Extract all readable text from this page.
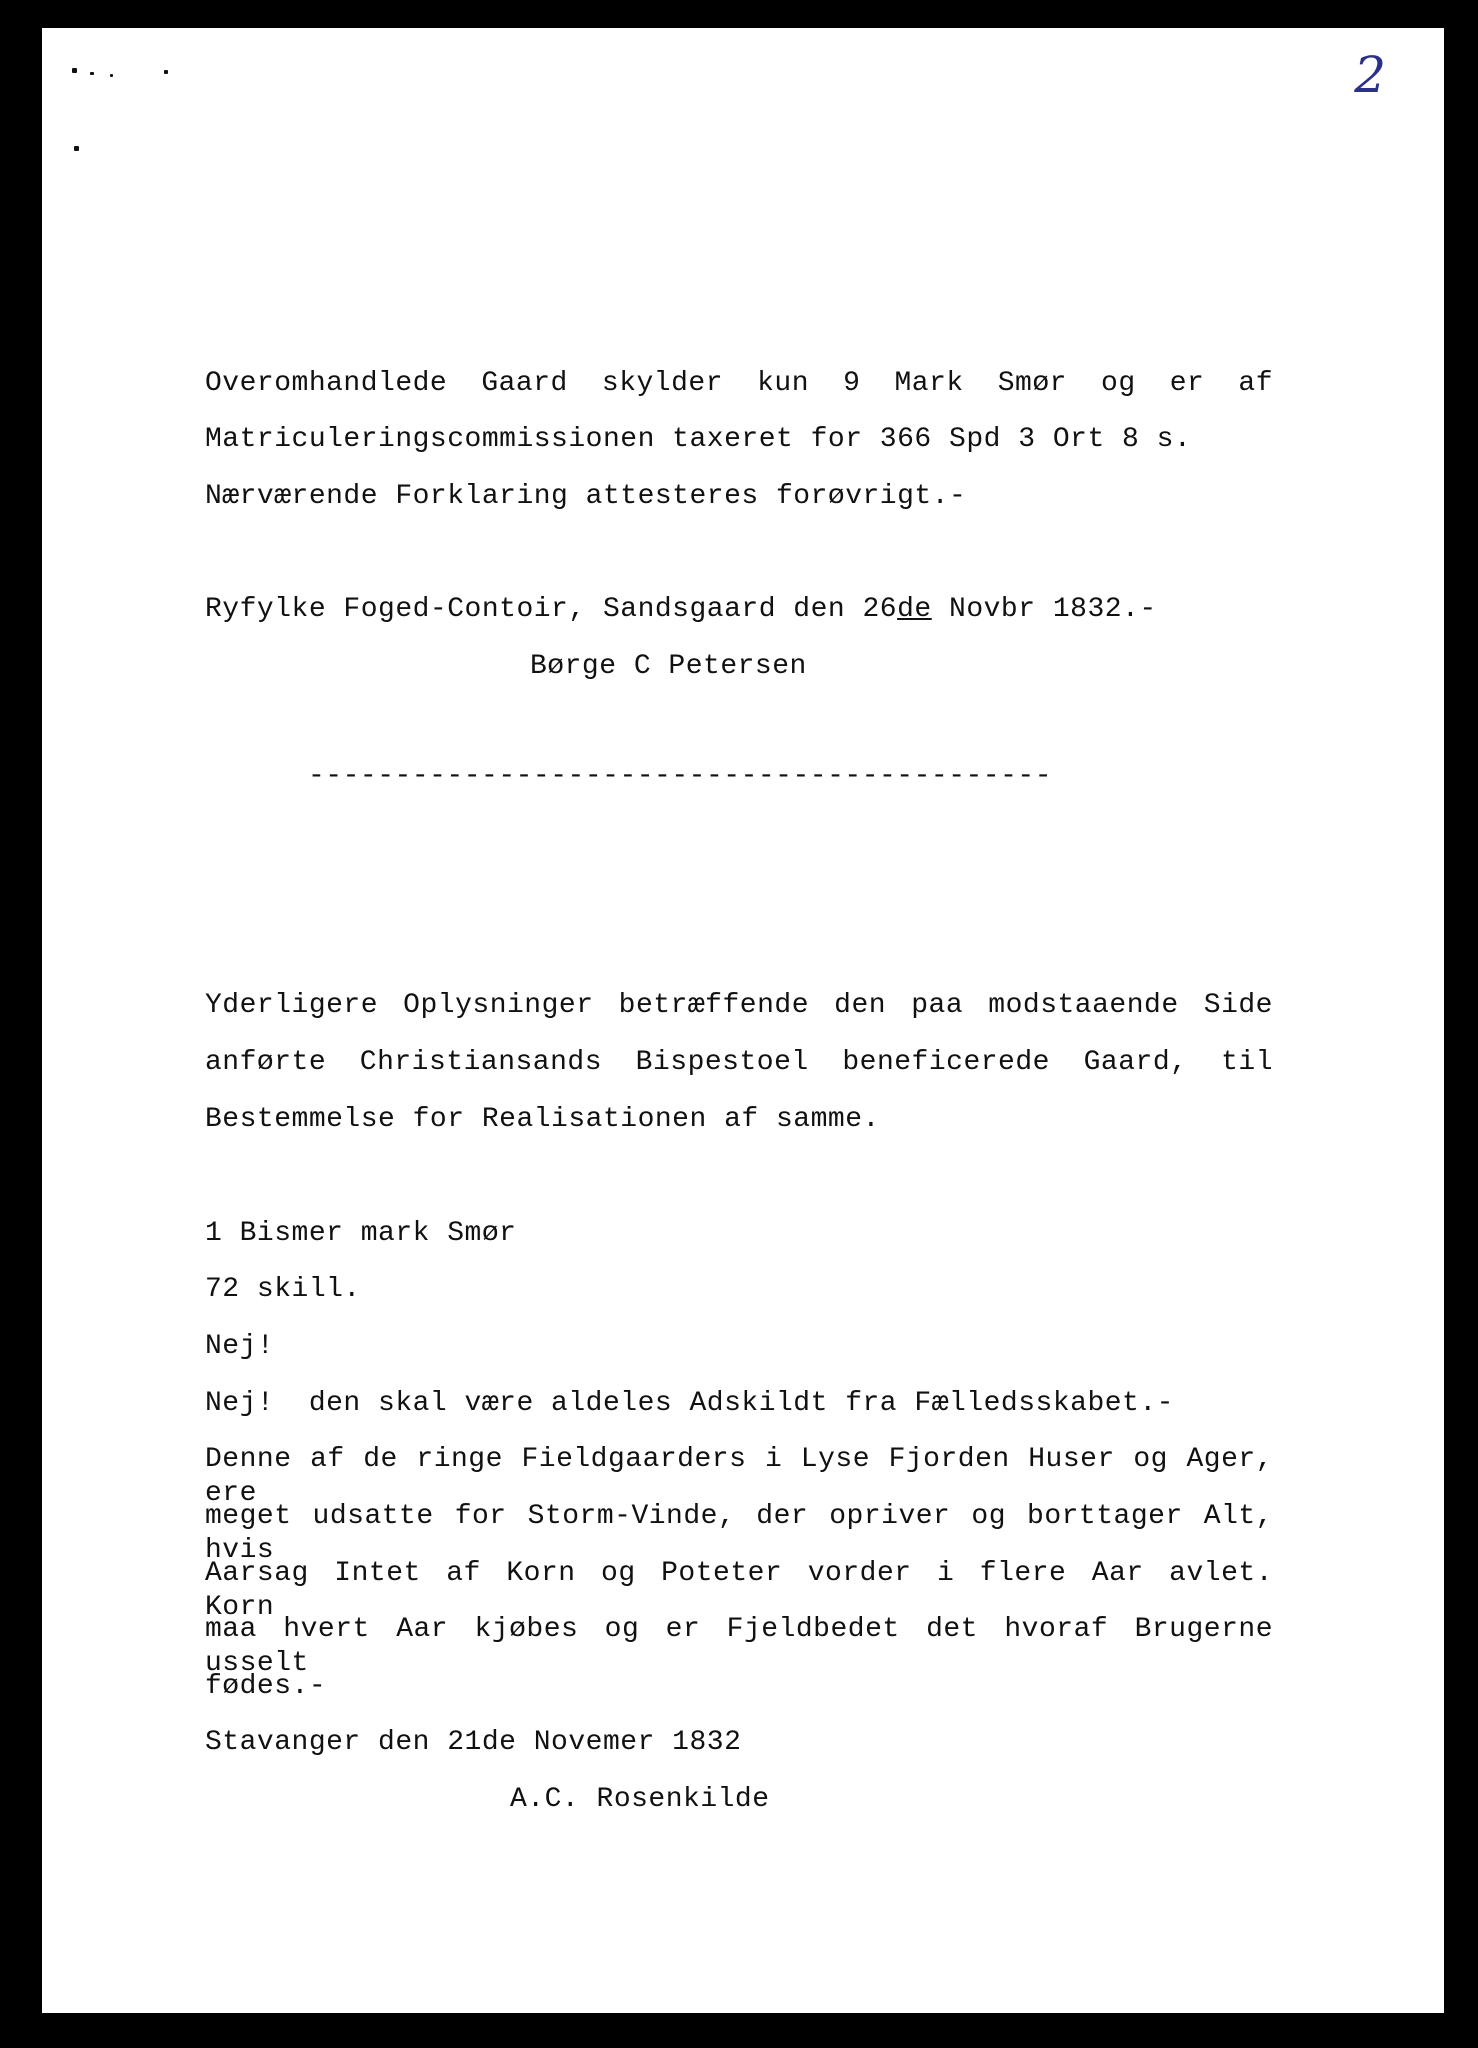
2
Overomhandlede Gaard skylder kun 9 Mark Smør og er af
Matriculeringscommissionen taxeret for 366 Spd 3 Ort 8 s.
Nærværende Forklaring attesteres forøvrigt.-
Ryfylke Foged-Contoir, Sandsgaard den 26de Novbr 1832.-
Børge C Petersen
-------------------------------------------
Yderligere Oplysninger betræffende den paa modstaaende Side
anførte Christiansands Bispestoel beneficerede Gaard, til
Bestemmelse for Realisationen af samme.
1 Bismer mark Smør
72 skill.
Nej!
Nej!  den skal være aldeles Adskildt fra Fælledsskabet.-
Denne af de ringe Fieldgaarders i Lyse Fjorden Huser og Ager, ere
meget udsatte for Storm-Vinde, der opriver og borttager Alt, hvis
Aarsag Intet af Korn og Poteter vorder i flere Aar avlet. Korn
maa hvert Aar kjøbes og er Fjeldbedet det hvoraf Brugerne usselt
fødes.-
Stavanger den 21de Novemer 1832
A.C. Rosenkilde
